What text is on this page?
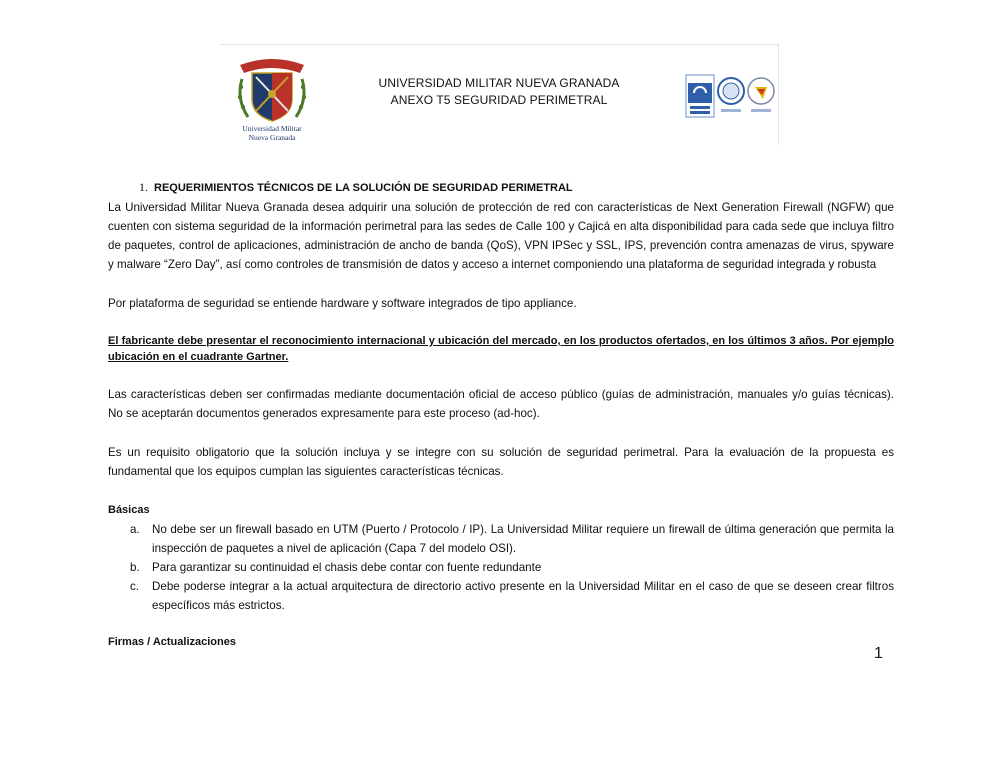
Universidad Militar
Nueva Granada
UNIVERSIDAD MILITAR NUEVA GRANADA
ANEXO T5 SEGURIDAD PERIMETRAL
1. REQUERIMIENTOS TÉCNICOS DE LA SOLUCIÓN DE SEGURIDAD PERIMETRAL

La Universidad Militar Nueva Granada desea adquirir una solución de protección de red con características de Next Generation Firewall (NGFW) que cuenten con sistema seguridad de la información perimetral para las sedes de Calle 100 y Cajicá en alta disponibilidad para cada sede que incluya filtro de paquetes, control de aplicaciones, administración de ancho de banda (QoS), VPN IPSec y SSL, IPS, prevención contra amenazas de virus, spyware y malware “Zero Day”, así como controles de transmisión de datos y acceso a internet componiendo una plataforma de seguridad integrada y robusta

Por plataforma de seguridad se entiende hardware y software integrados de tipo appliance.

El fabricante debe presentar el reconocimiento internacional y ubicación del mercado, en los productos ofertados, en los últimos 3 años. Por ejemplo ubicación en el cuadrante Gartner.

Las características deben ser confirmadas mediante documentación oficial de acceso público (guías de administración, manuales y/o guías técnicas). No se aceptarán documentos generados expresamente para este proceso (ad-hoc).

Es un requisito obligatorio que la solución incluya y se integre con su solución de seguridad perimetral. Para la evaluación de la propuesta es fundamental que los equipos cumplan las siguientes características técnicas.

Básicas
a. No debe ser un firewall basado en UTM (Puerto / Protocolo / IP). La Universidad Militar requiere un firewall de última generación que permita la inspección de paquetes a nivel de aplicación (Capa 7 del modelo OSI).
b. Para garantizar su continuidad el chasis debe contar con fuente redundante
c. Debe poderse integrar a la actual arquitectura de directorio activo presente en la Universidad Militar en el caso de que se deseen crear filtros específicos más estrictos.
Firmas / Actualizaciones
1
